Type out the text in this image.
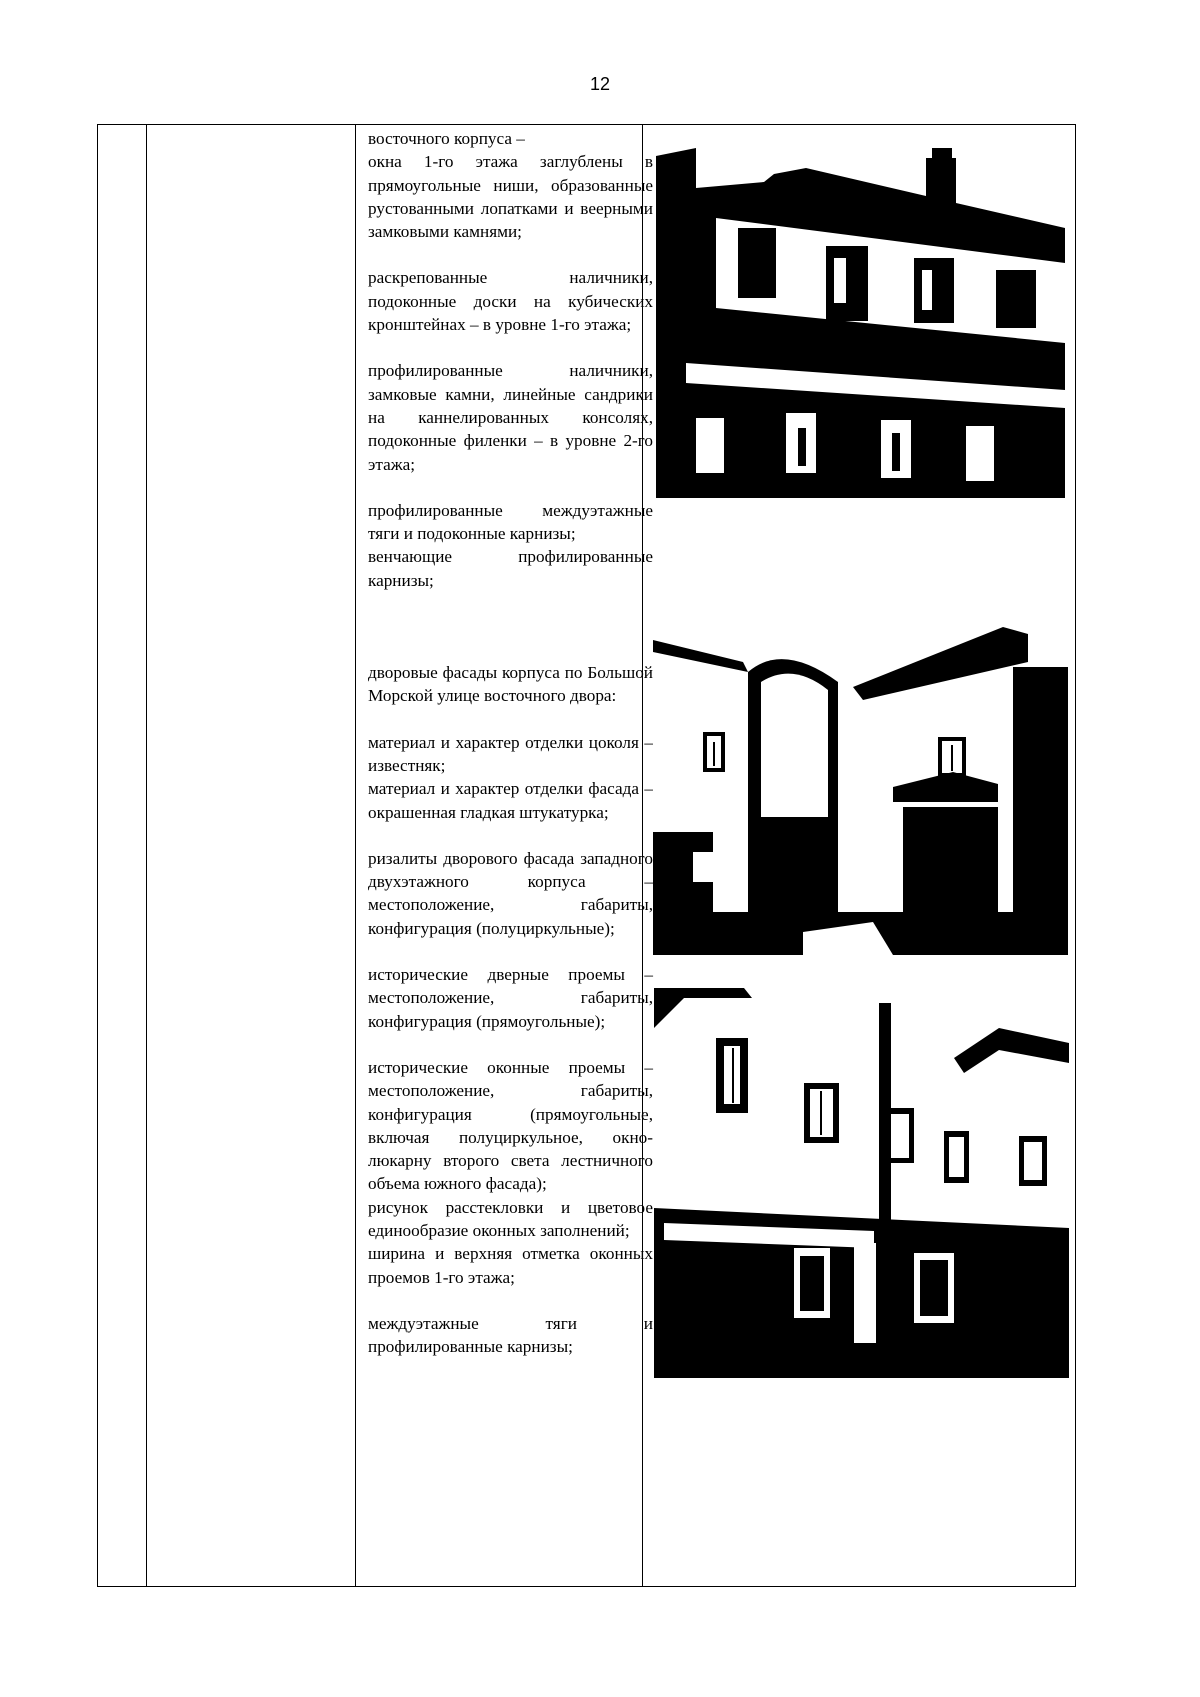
12

восточного корпуса –

окна 1-го этажа заглублены в прямоугольные ниши, образованные рустованными лопатками и веерными замковыми камнями;

раскрепованные наличники, подоконные доски на кубических кронштейнах – в уровне 1-го этажа;

профилированные наличники, замковые камни, линейные сандрики на каннелированных консолях, подоконные филенки – в уровне 2-го этажа;

профилированные междуэтажные тяги и подоконные карнизы;

венчающие профилированные карнизы;

дворовые фасады корпуса по Большой Морской улице восточного двора:

материал и характер отделки цоколя – известняк;

материал и характер отделки фасада – окрашенная гладкая штукатурка;

ризалиты дворового фасада западного двухэтажного корпуса – местоположение, габариты, конфигурация (полуциркульные);

исторические дверные проемы – местоположение, габариты, конфигурация (прямоугольные);

исторические оконные проемы – местоположение, габариты, конфигурация (прямоугольные, включая полуциркульное, окно-люкарну второго света лестничного объема южного фасада);

рисунок расстекловки и цветовое единообразие оконных заполнений;

ширина и верхняя отметка оконных проемов 1-го этажа;

междуэтажные тяги и профилированные карнизы;
